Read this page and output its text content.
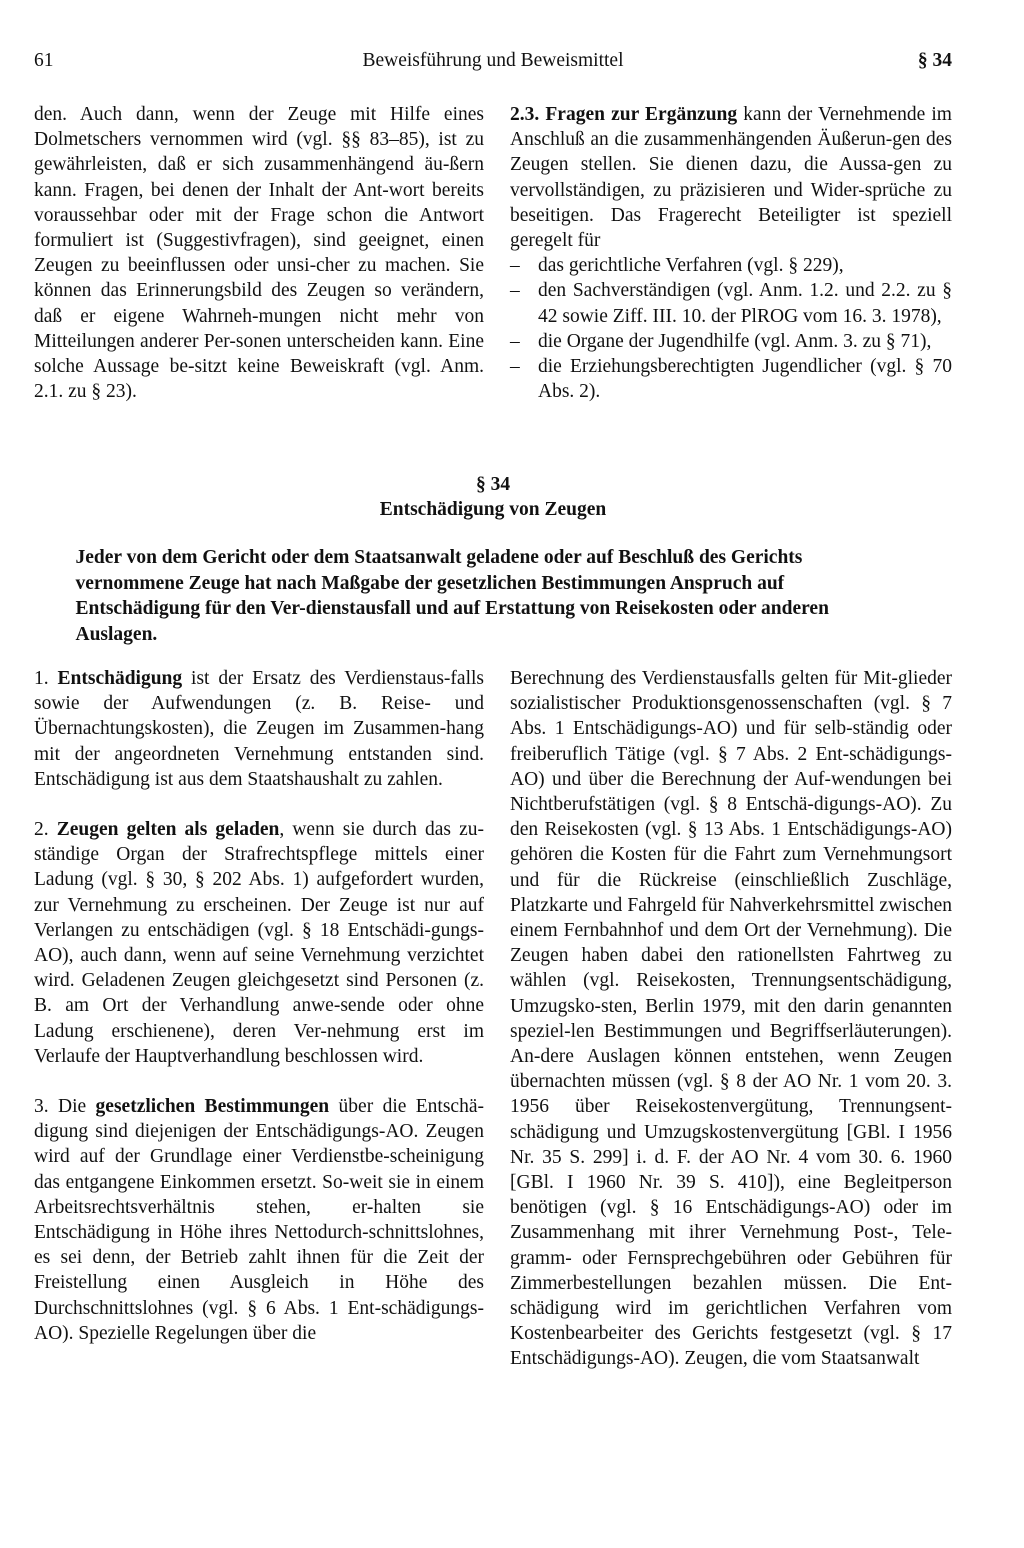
61	Beweisführung und Beweismittel	§ 34

den. Auch dann, wenn der Zeuge mit Hilfe eines Dolmetschers vernommen wird (vgl. §§ 83–85), ist zu gewährleisten, daß er sich zusammenhängend äu-ßern kann. Fragen, bei denen der Inhalt der Ant-wort bereits voraussehbar oder mit der Frage schon die Antwort formuliert ist (Suggestivfragen), sind geeignet, einen Zeugen zu beeinflussen oder unsi-cher zu machen. Sie können das Erinnerungsbild des Zeugen so verändern, daß er eigene Wahrneh-mungen nicht mehr von Mitteilungen anderer Per-sonen unterscheiden kann. Eine solche Aussage be-sitzt keine Beweiskraft (vgl. Anm. 2.1. zu § 23).

2.3. Fragen zur Ergänzung kann der Vernehmende im Anschluß an die zusammenhängenden Äußerun-gen des Zeugen stellen. Sie dienen dazu, die Aussa-gen zu vervollständigen, zu präzisieren und Wider-sprüche zu beseitigen. Das Fragerecht Beteiligter ist speziell geregelt für

– das gerichtliche Verfahren (vgl. § 229),
– den Sachverständigen (vgl. Anm. 1.2. und 2.2. zu § 42 sowie Ziff. III. 10. der PlROG vom 16. 3. 1978),
– die Organe der Jugendhilfe (vgl. Anm. 3. zu § 71),
– die Erziehungsberechtigten Jugendlicher (vgl. § 70 Abs. 2).
§ 34
Entschädigung von Zeugen
Jeder von dem Gericht oder dem Staatsanwalt geladene oder auf Beschluß des Gerichts vernommene Zeuge hat nach Maßgabe der gesetzlichen Bestimmungen Anspruch auf Entschädigung für den Ver-dienstausfall und auf Erstattung von Reisekosten oder anderen Auslagen.

1. Entschädigung ist der Ersatz des Verdienstaus-falls sowie der Aufwendungen (z. B. Reise- und Übernachtungskosten), die Zeugen im Zusammen-hang mit der angeordneten Vernehmung entstanden sind. Entschädigung ist aus dem Staatshaushalt zu zahlen.

2. Zeugen gelten als geladen, wenn sie durch das zu-ständige Organ der Strafrechtspflege mittels einer Ladung (vgl. § 30, § 202 Abs. 1) aufgefordert wurden, zur Vernehmung zu erscheinen. Der Zeuge ist nur auf Verlangen zu entschädigen (vgl. § 18 Entschädi-gungs-AO), auch dann, wenn auf seine Vernehmung verzichtet wird. Geladenen Zeugen gleichgesetzt sind Personen (z. B. am Ort der Verhandlung anwe-sende oder ohne Ladung erschienene), deren Ver-nehmung erst im Verlaufe der Hauptverhandlung beschlossen wird.

3. Die gesetzlichen Bestimmungen über die Entschä-digung sind diejenigen der Entschädigungs-AO. Zeugen wird auf der Grundlage einer Verdienstbe-scheinigung das entgangene Einkommen ersetzt. So-weit sie in einem Arbeitsrechtsverhältnis stehen, er-halten sie Entschädigung in Höhe ihres Nettodurch-schnittslohnes, es sei denn, der Betrieb zahlt ihnen für die Zeit der Freistellung einen Ausgleich in Höhe des Durchschnittslohnes (vgl. § 6 Abs. 1 Ent-schädigungs-AO). Spezielle Regelungen über die

Berechnung des Verdienstausfalls gelten für Mit-glieder sozialistischer Produktionsgenossenschaften (vgl. § 7 Abs. 1 Entschädigungs-AO) und für selb-ständig oder freiberuflich Tätige (vgl. § 7 Abs. 2 Ent-schädigungs-AO) und über die Berechnung der Auf-wendungen bei Nichtberufstätigen (vgl. § 8 Entschä-digungs-AO). Zu den Reisekosten (vgl. § 13 Abs. 1 Entschädigungs-AO) gehören die Kosten für die Fahrt zum Vernehmungsort und für die Rückreise (einschließlich Zuschläge, Platzkarte und Fahrgeld für Nahverkehrsmittel zwischen einem Fernbahnhof und dem Ort der Vernehmung). Die Zeugen haben dabei den rationellsten Fahrtweg zu wählen (vgl. Reisekosten, Trennungsentschädigung, Umzugsko-sten, Berlin 1979, mit den darin genannten speziel-len Bestimmungen und Begriffserläuterungen). An-dere Auslagen können entstehen, wenn Zeugen übernachten müssen (vgl. § 8 der AO Nr. 1 vom 20. 3. 1956 über Reisekostenvergütung, Trennungsent-schädigung und Umzugskostenvergütung [GBl. I 1956 Nr. 35 S. 299] i. d. F. der AO Nr. 4 vom 30. 6. 1960 [GBl. I 1960 Nr. 39 S. 410]), eine Begleitperson benötigen (vgl. § 16 Entschädigungs-AO) oder im Zusammenhang mit ihrer Vernehmung Post-, Tele-gramm- oder Fernsprechgebühren oder Gebühren für Zimmerbestellungen bezahlen müssen. Die Ent-schädigung wird im gerichtlichen Verfahren vom Kostenbearbeiter des Gerichts festgesetzt (vgl. § 17 Entschädigungs-AO). Zeugen, die vom Staatsanwalt
